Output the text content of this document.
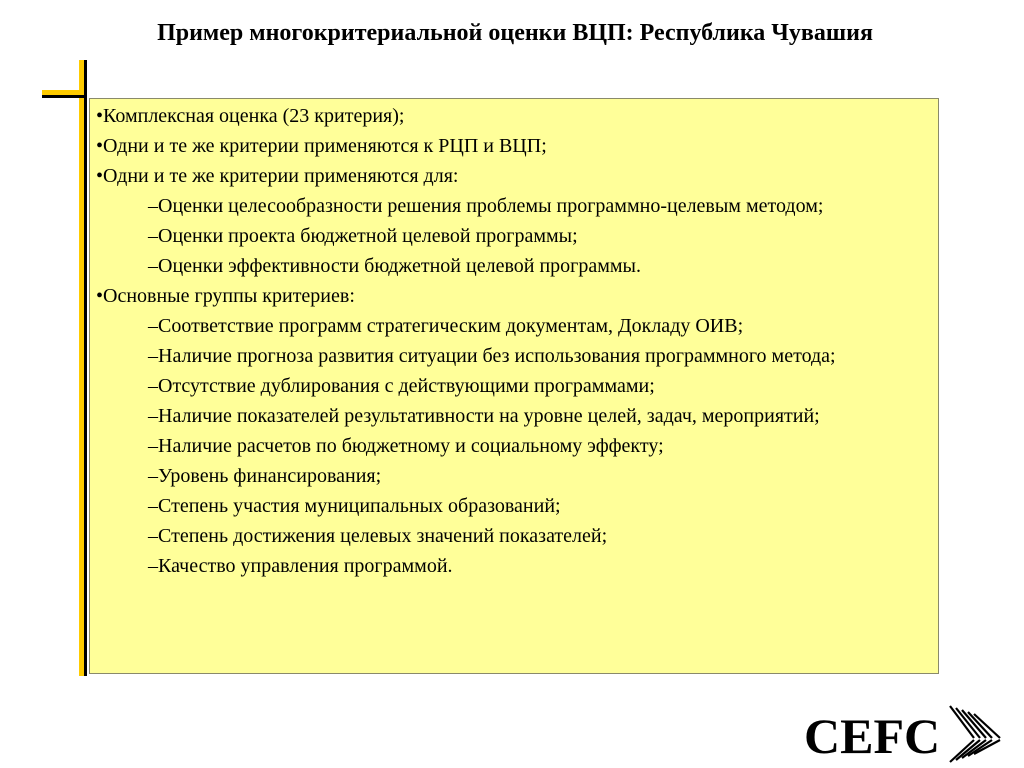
Пример многокритериальной оценки ВЦП: Республика Чувашия
•Комплексная оценка (23 критерия);
•Одни и те же критерии применяются к РЦП и ВЦП;
•Одни и те же критерии применяются для:
–Оценки целесообразности решения проблемы программно-целевым методом;
–Оценки проекта бюджетной целевой программы;
–Оценки эффективности бюджетной целевой программы.
•Основные группы критериев:
–Соответствие программ стратегическим документам, Докладу ОИВ;
–Наличие прогноза развития ситуации без использования программного метода;
–Отсутствие дублирования с действующими программами;
–Наличие показателей результативности на уровне целей, задач, мероприятий;
–Наличие расчетов по бюджетному и социальному эффекту;
–Уровень финансирования;
–Степень участия муниципальных образований;
–Степень достижения целевых значений показателей;
–Качество управления программой.
CEFC
